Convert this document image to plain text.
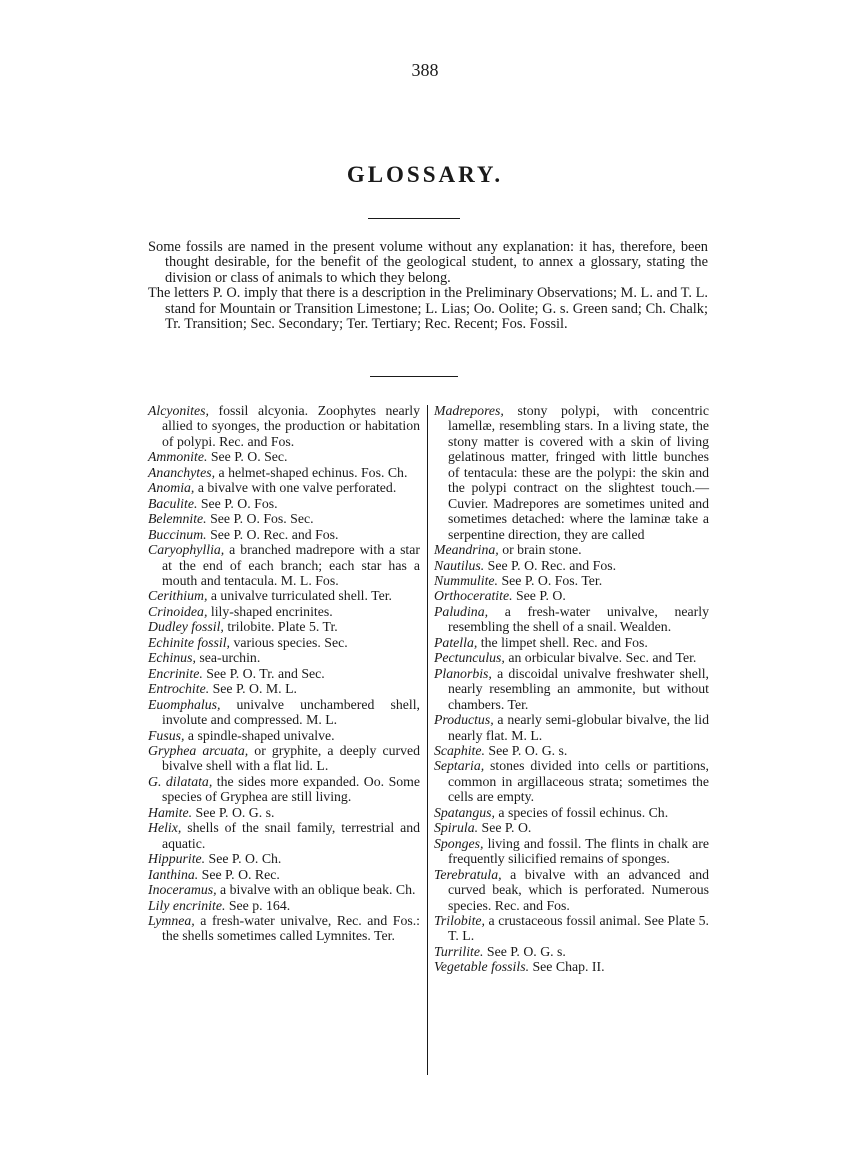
388
GLOSSARY.

Some fossils are named in the present volume without any explanation: it has, therefore, been thought desirable, for the benefit of the geological student, to annex a glossary, stating the division or class of animals to which they belong.

The letters P. O. imply that there is a description in the Preliminary Observations; M. L. and T. L. stand for Mountain or Transition Limestone; L. Lias; Oo. Oolite; G. s. Green sand; Ch. Chalk; Tr. Transition; Sec. Secondary; Ter. Tertiary; Rec. Recent; Fos. Fossil.

Alcyonites, fossil alcyonia. Zoophytes nearly allied to syonges, the production or habitation of polypi. Rec. and Fos.

Ammonite. See P. O. Sec.

Ananchytes, a helmet-shaped echinus. Fos. Ch.

Anomia, a bivalve with one valve perforated.

Baculite. See P. O. Fos.

Belemnite. See P. O. Fos. Sec.

Buccinum. See P. O. Rec. and Fos.

Caryophyllia, a branched madrepore with a star at the end of each branch; each star has a mouth and tentacula. M. L. Fos.

Cerithium, a univalve turriculated shell. Ter.

Crinoidea, lily-shaped encrinites.

Dudley fossil, trilobite. Plate 5. Tr.

Echinite fossil, various species. Sec.

Echinus, sea-urchin.

Encrinite. See P. O. Tr. and Sec.

Entrochite. See P. O. M. L.

Euomphalus, univalve unchambered shell, involute and compressed. M. L.

Fusus, a spindle-shaped univalve.

Gryphea arcuata, or gryphite, a deeply curved bivalve shell with a flat lid. L.

G. dilatata, the sides more expanded. Oo. Some species of Gryphea are still living.

Hamite. See P. O. G. s.

Helix, shells of the snail family, terrestrial and aquatic.

Hippurite. See P. O. Ch.

Ianthina. See P. O. Rec.

Inoceramus, a bivalve with an oblique beak. Ch.

Lily encrinite. See p. 164.

Lymnea, a fresh-water univalve, Rec. and Fos.: the shells sometimes called Lymnites. Ter.

Madrepores, stony polypi, with concentric lamellæ, resembling stars. In a living state, the stony matter is covered with a skin of living gelatinous matter, fringed with little bunches of tentacula: these are the polypi: the skin and the polypi contract on the slightest touch.—Cuvier. Madrepores are sometimes united and sometimes detached: where the laminæ take a serpentine direction, they are called

Meandrina, or brain stone.

Nautilus. See P. O. Rec. and Fos.

Nummulite. See P. O. Fos. Ter.

Orthoceratite. See P. O.

Paludina, a fresh-water univalve, nearly resembling the shell of a snail. Wealden.

Patella, the limpet shell. Rec. and Fos.

Pectunculus, an orbicular bivalve. Sec. and Ter.

Planorbis, a discoidal univalve freshwater shell, nearly resembling an ammonite, but without chambers. Ter.

Productus, a nearly semi-globular bivalve, the lid nearly flat. M. L.

Scaphite. See P. O. G. s.

Septaria, stones divided into cells or partitions, common in argillaceous strata; sometimes the cells are empty.

Spatangus, a species of fossil echinus. Ch.

Spirula. See P. O.

Sponges, living and fossil. The flints in chalk are frequently silicified remains of sponges.

Terebratula, a bivalve with an advanced and curved beak, which is perforated. Numerous species. Rec. and Fos.

Trilobite, a crustaceous fossil animal. See Plate 5. T. L.

Turrilite. See P. O. G. s.

Vegetable fossils. See Chap. II.
